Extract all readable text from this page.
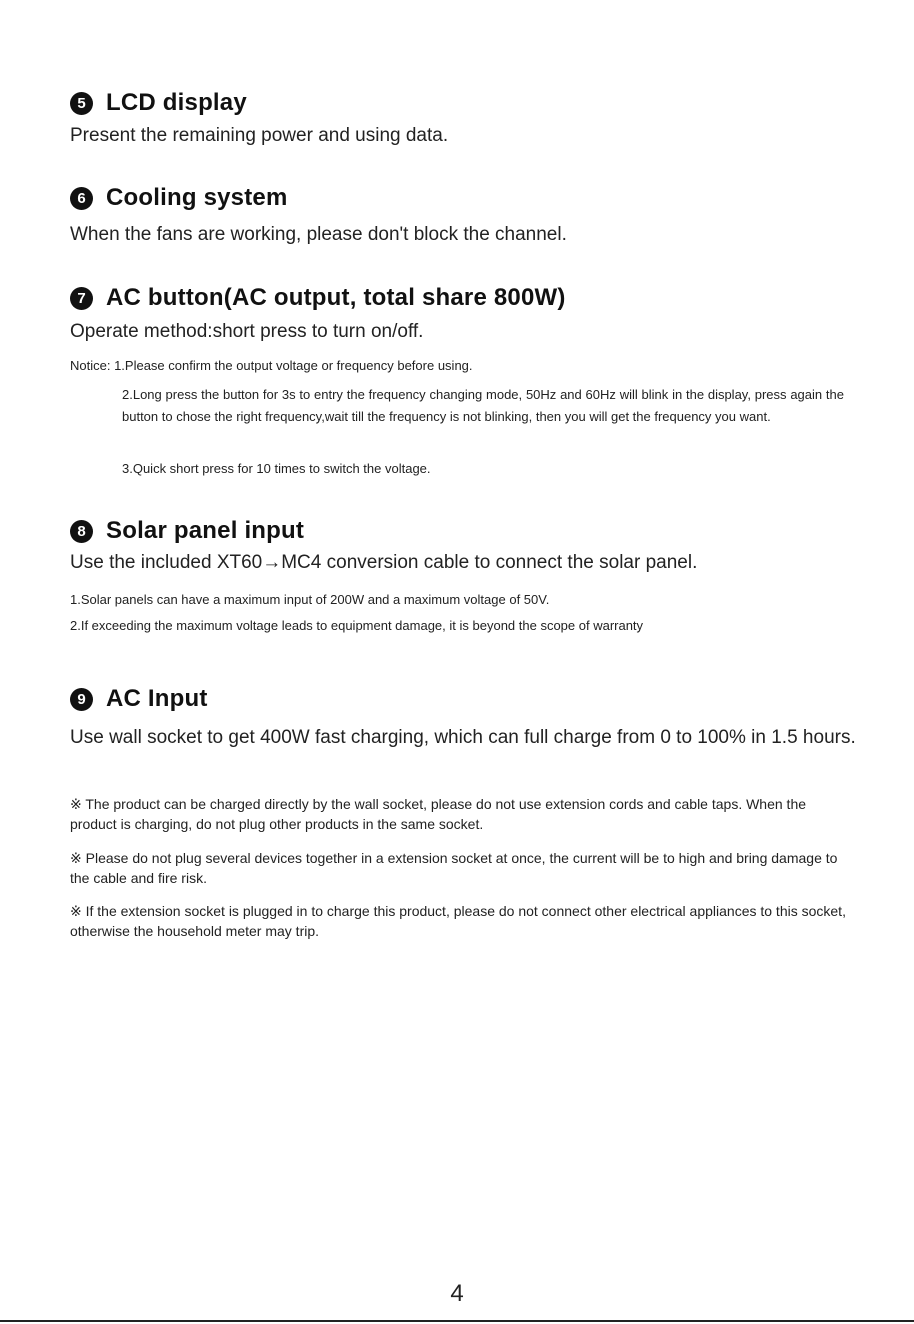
5 LCD display
Present the remaining power and using data.
6 Cooling system
When the fans are working, please don't block the channel.
7 AC button(AC output, total share 800W)
Operate method:short press to turn on/off.
Notice: 1.Please confirm the output voltage or frequency before using.
2.Long press the button for 3s to entry the frequency changing mode, 50Hz and 60Hz will blink in the display, press again the button to chose the right frequency,wait till the frequency is not blinking, then you will get the frequency you want.
3.Quick short press for 10 times to switch the voltage.
8 Solar panel input
Use the included XT60→MC4 conversion cable to connect the solar panel.
1.Solar panels can have a maximum input of 200W and a maximum voltage of 50V.
2.If exceeding the maximum voltage leads to equipment damage, it is beyond the scope of warranty
9 AC Input
Use wall socket to get 400W fast charging, which can full charge from 0 to 100% in 1.5 hours.
※ The product can be charged directly by the wall socket, please do not use extension cords and cable taps. When the product is charging, do not plug other products in the same socket.
※ Please do not plug several devices together in a extension socket at once, the current will be to high and bring damage to the cable and fire risk.
※ If the extension socket is plugged in to charge this product, please do not connect other electrical appliances to this socket, otherwise the household meter may trip.
4
